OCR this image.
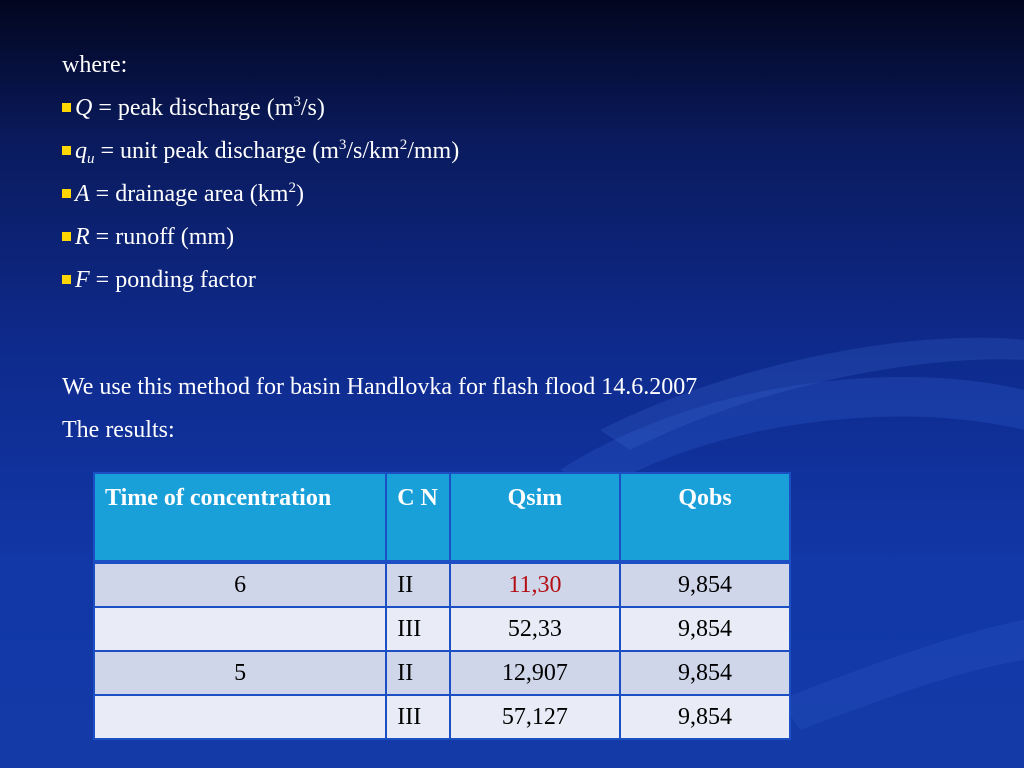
where:
Q = peak discharge $(m^3/s)$
$q_u$ = unit peak discharge $(m^3/s/km^2/mm)$
A = drainage area $(km^2)$
R = runoff (mm)
F = ponding factor
We use this method for basin Handlovka for flash flood 14.6.2007
The results:
Time of concentration	C N	Qsim	Qobs
6	II	11,30	9,854
	III	52,33	9,854
5	II	12,907	9,854
	III	57,127	9,854
